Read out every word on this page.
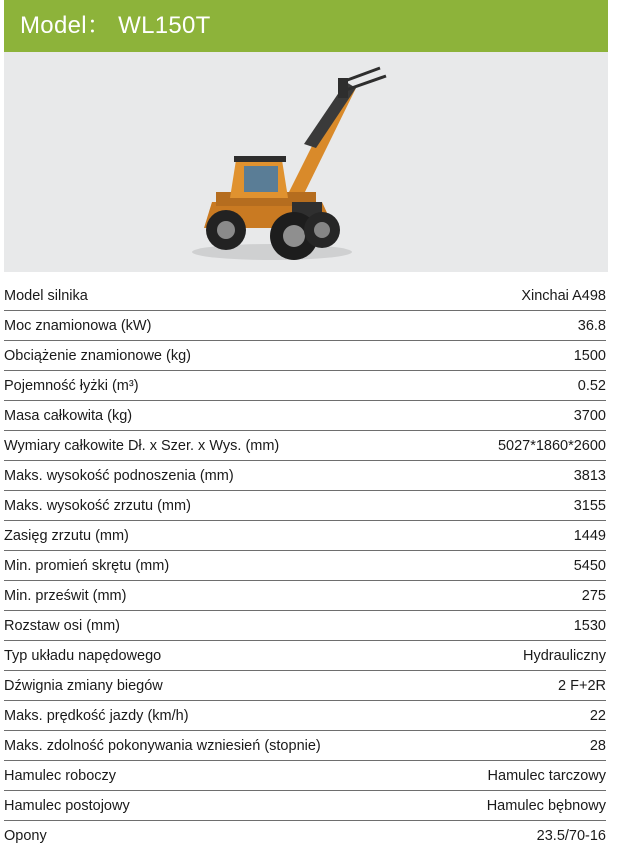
Model： WL150T
Model silnika	Xinchai A498
Moc znamionowa (kW)	36.8
Obciążenie znamionowe (kg)	1500
Pojemność łyżki (m³)	0.52
Masa całkowita (kg)	3700
Wymiary całkowite Dł. x Szer. x Wys. (mm)	5027*1860*2600
Maks. wysokość podnoszenia (mm)	3813
Maks. wysokość zrzutu (mm)	3155
Zasięg zrzutu (mm)	1449
Min. promień skrętu (mm)	5450
Min. prześwit (mm)	275
Rozstaw osi (mm)	1530
Typ układu napędowego	Hydrauliczny
Dźwignia zmiany biegów	2 F+2R
Maks. prędkość jazdy (km/h)	22
Maks. zdolność pokonywania wzniesień (stopnie)	28
Hamulec roboczy	Hamulec tarczowy
Hamulec postojowy	Hamulec bębnowy
Opony	23.5/70-16
